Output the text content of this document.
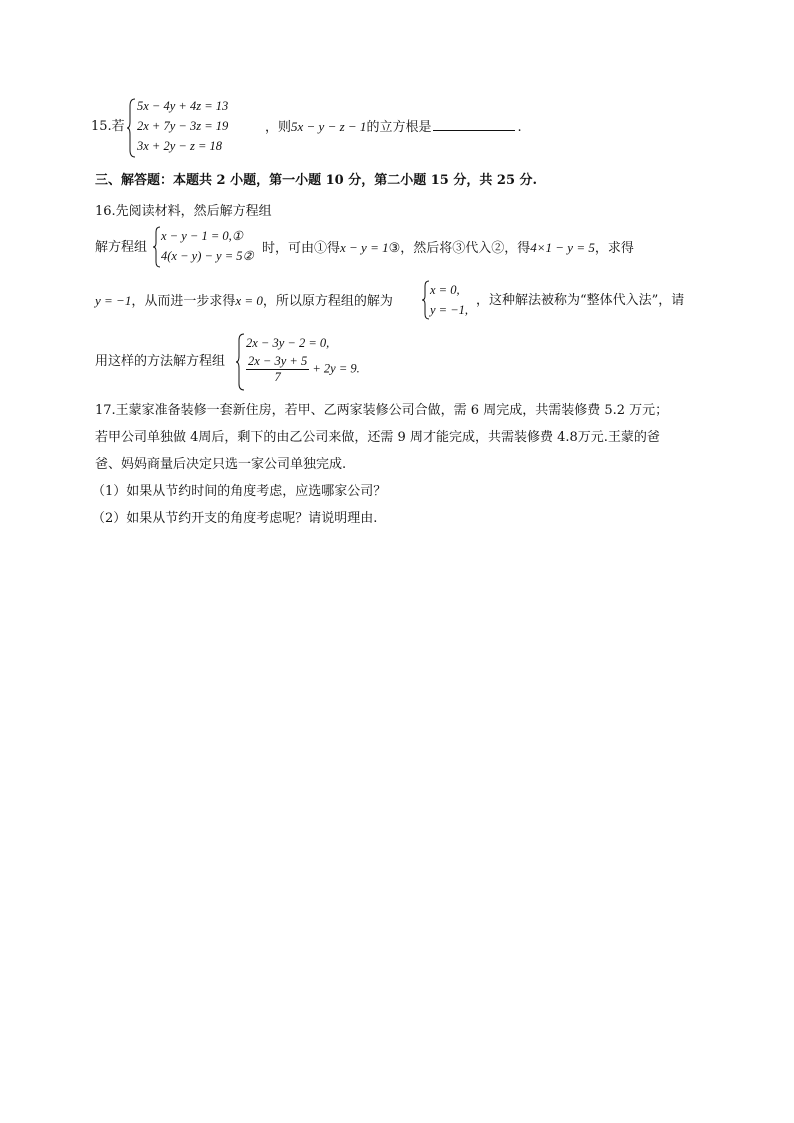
15.若
5x − 4y + 4z = 13
2x + 7y − 3z = 19
3x + 2y − z = 18
，则5x − y − z − 1的立方根是	.
三、解答题：本题共 2 小题，第一小题 10 分，第二小题 15 分，共 25 分.
16.先阅读材料，然后解方程组
解方程组
x − y − 1 = 0,①
4(x − y) − y = 5② 时，可由①得x − y = 1③，然后将③代入②，得4×1 − y = 5，求得
y = −1，从而进一步求得x = 0，所以原方程组的解为
x = 0,
y = −1,
，这种解法被称为“整体代入法”，请
用这样的方法解方程组
2x − 3y − 2 = 0,
$\frac{2x - 3y + 5}{7} + 2y = 9$.
17.王蒙家准备装修一套新住房，若甲、乙两家装修公司合做，需 6 周完成，共需装修费 5.2 万元；
若甲公司单独做 4周后，剩下的由乙公司来做，还需 9 周才能完成，共需装修费 4.8万元.王蒙的爸
爸、妈妈商量后决定只选一家公司单独完成.
（1）如果从节约时间的角度考虑，应选哪家公司？
（2）如果从节约开支的角度考虑呢？请说明理由.
